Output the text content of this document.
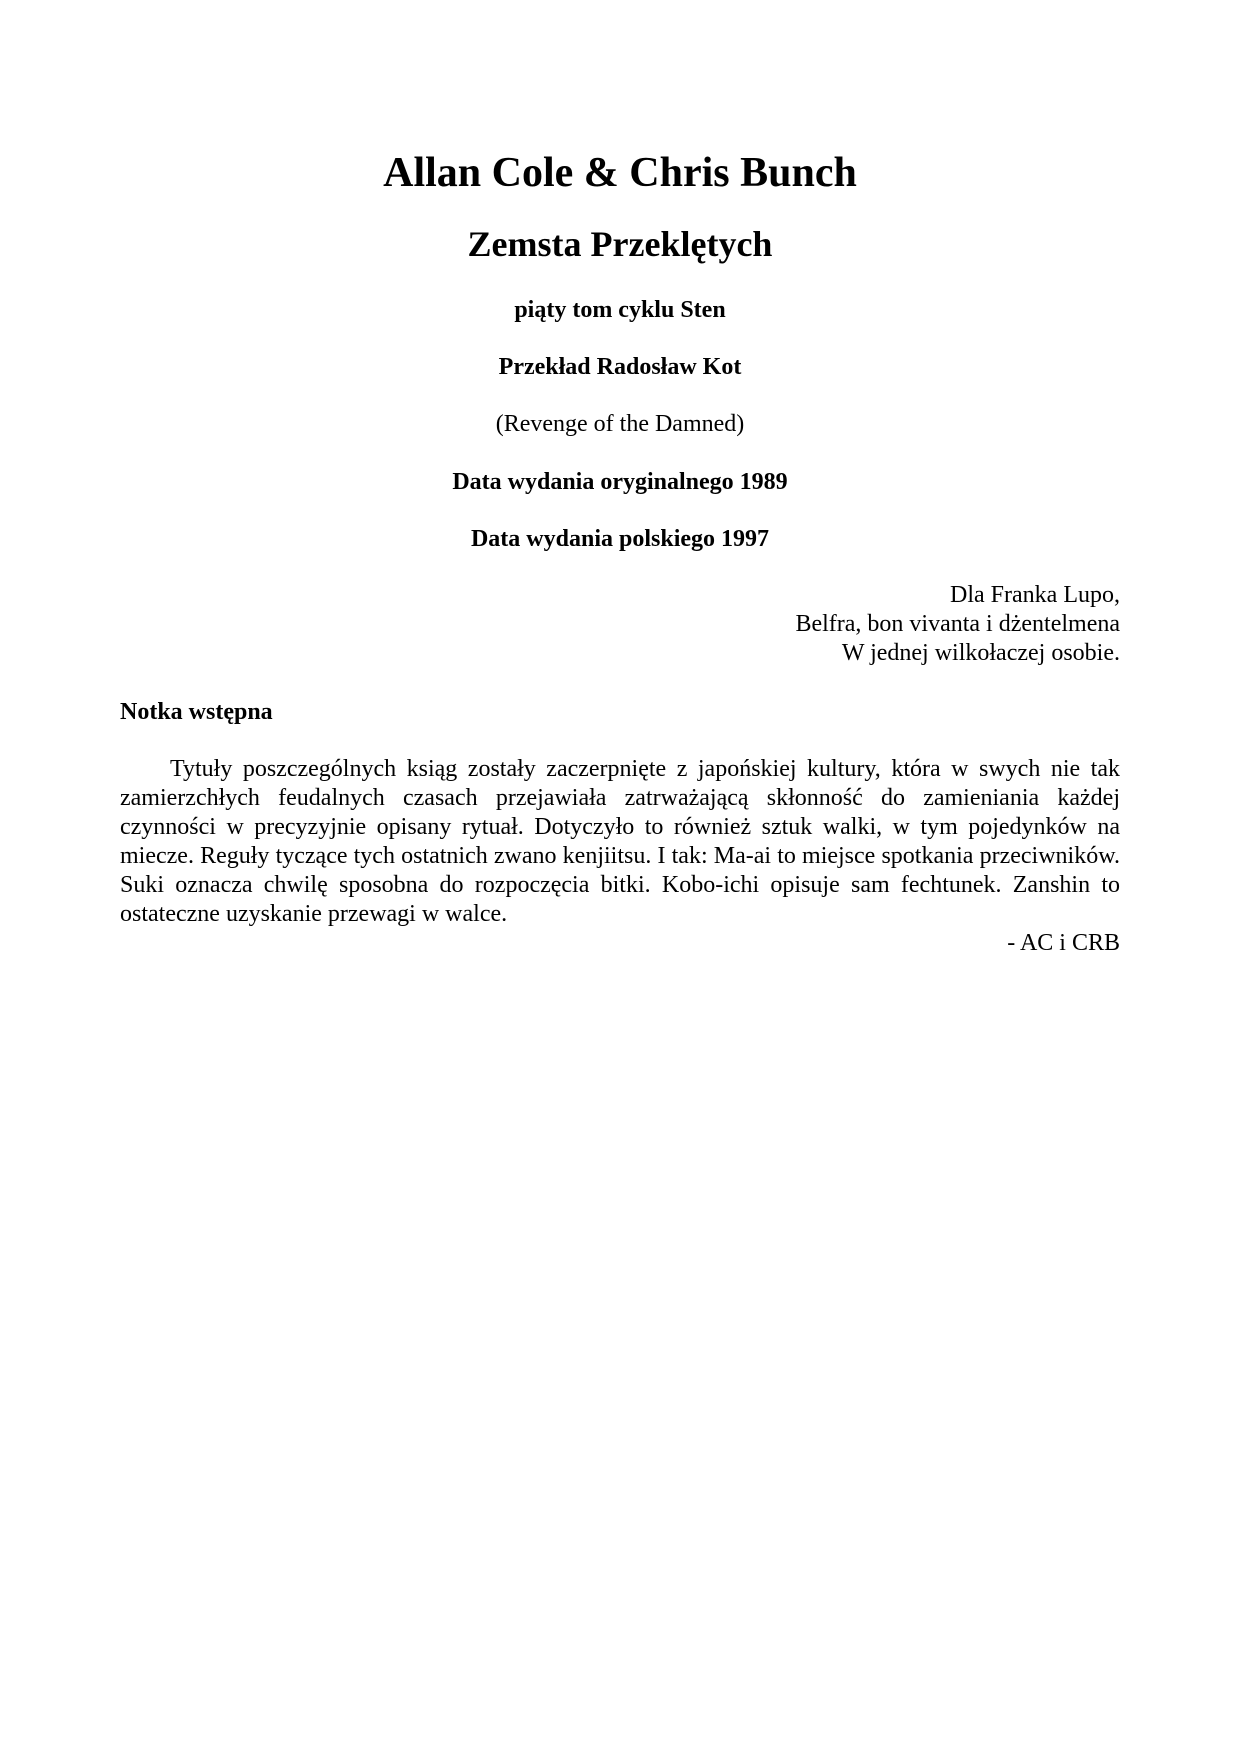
Allan Cole & Chris Bunch
Zemsta Przeklętych
piąty tom cyklu Sten
Przekład Radosław Kot
(Revenge of the Damned)
Data wydania oryginalnego 1989
Data wydania polskiego 1997
Dla Franka Lupo,
Belfra, bon vivanta i dżentelmena
W jednej wilkołaczej osobie.
Notka wstępna

Tytuły poszczególnych ksiąg zostały zaczerpnięte z japońskiej kultury, która w swych nie tak zamierzchłych feudalnych czasach przejawiała zatrważającą skłonność do zamieniania każdej czynności w precyzyjnie opisany rytuał. Dotyczyło to również sztuk walki, w tym pojedynków na miecze. Reguły tyczące tych ostatnich zwano kenjiitsu. I tak: Ma-ai to miejsce spotkania przeciwników. Suki oznacza chwilę sposobna do rozpoczęcia bitki. Kobo-ichi opisuje sam fechtunek. Zanshin to ostateczne uzyskanie przewagi w walce.

- AC i CRB
